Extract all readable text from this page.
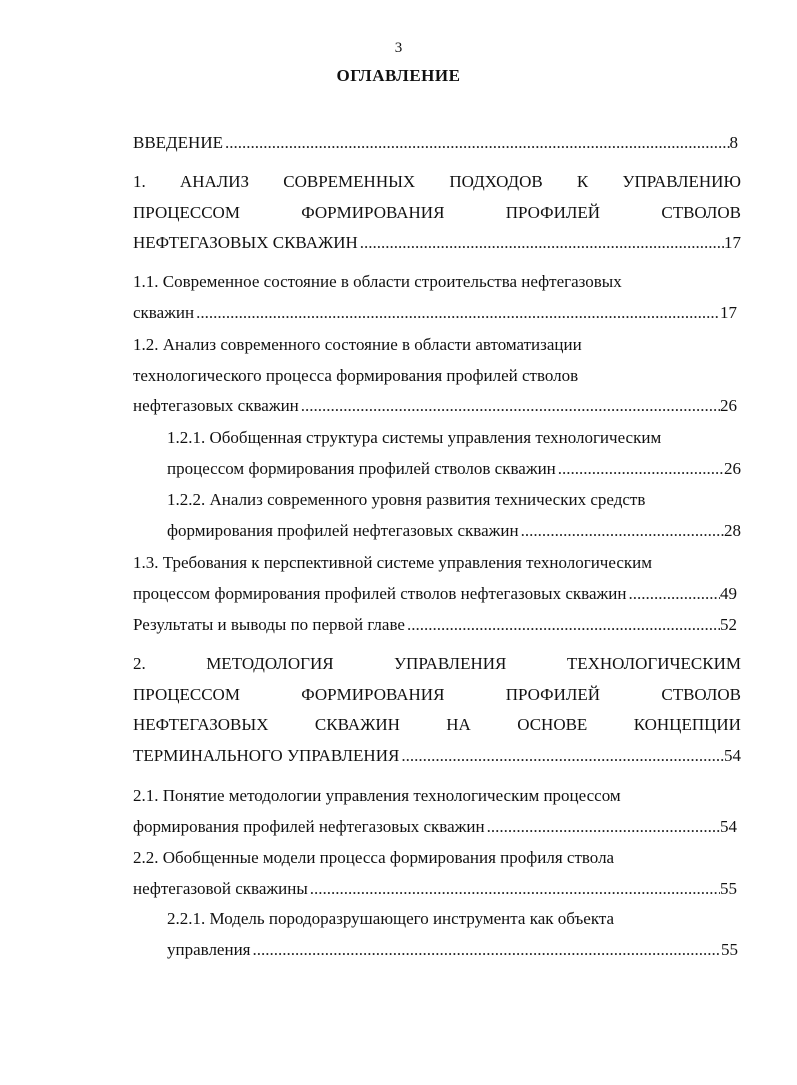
3
ОГЛАВЛЕНИЕ
ВВЕДЕНИЕ .....	8
1. АНАЛИЗ СОВРЕМЕННЫХ ПОДХОДОВ К УПРАВЛЕНИЮ
ПРОЦЕССОМ	ФОРМИРОВАНИЯ	ПРОФИЛЕЙ	СТВОЛОВ
НЕФТЕГАЗОВЫХ СКВАЖИН .....	17
1.1. Современное состояние в области строительства нефтегазовых
скважин .....	17
1.2. Анализ современного состояние в области автоматизации
технологического процесса формирования профилей стволов
нефтегазовых скважин .....	26
1.2.1. Обобщенная структура системы управления технологическим
процессом формирования профилей стволов скважин .....	26
1.2.2. Анализ современного уровня развития технических средств
формирования профилей нефтегазовых скважин .....	28
1.3. Требования к перспективной системе управления технологическим
процессом формирования профилей стволов нефтегазовых скважин .....	49
Результаты и выводы по первой главе .....	52
2.	МЕТОДОЛОГИЯ	УПРАВЛЕНИЯ	ТЕХНОЛОГИЧЕСКИМ
ПРОЦЕССОМ	ФОРМИРОВАНИЯ	ПРОФИЛЕЙ	СТВОЛОВ
НЕФТЕГАЗОВЫХ	СКВАЖИН	НА	ОСНОВЕ	КОНЦЕПЦИИ
ТЕРМИНАЛЬНОГО УПРАВЛЕНИЯ .....	54
2.1. Понятие методологии управления технологическим процессом
формирования профилей нефтегазовых скважин .....	54
2.2. Обобщенные модели процесса формирования профиля ствола
нефтегазовой скважины .....	55
2.2.1. Модель породоразрушающего инструмента как объекта
управления .....	55
